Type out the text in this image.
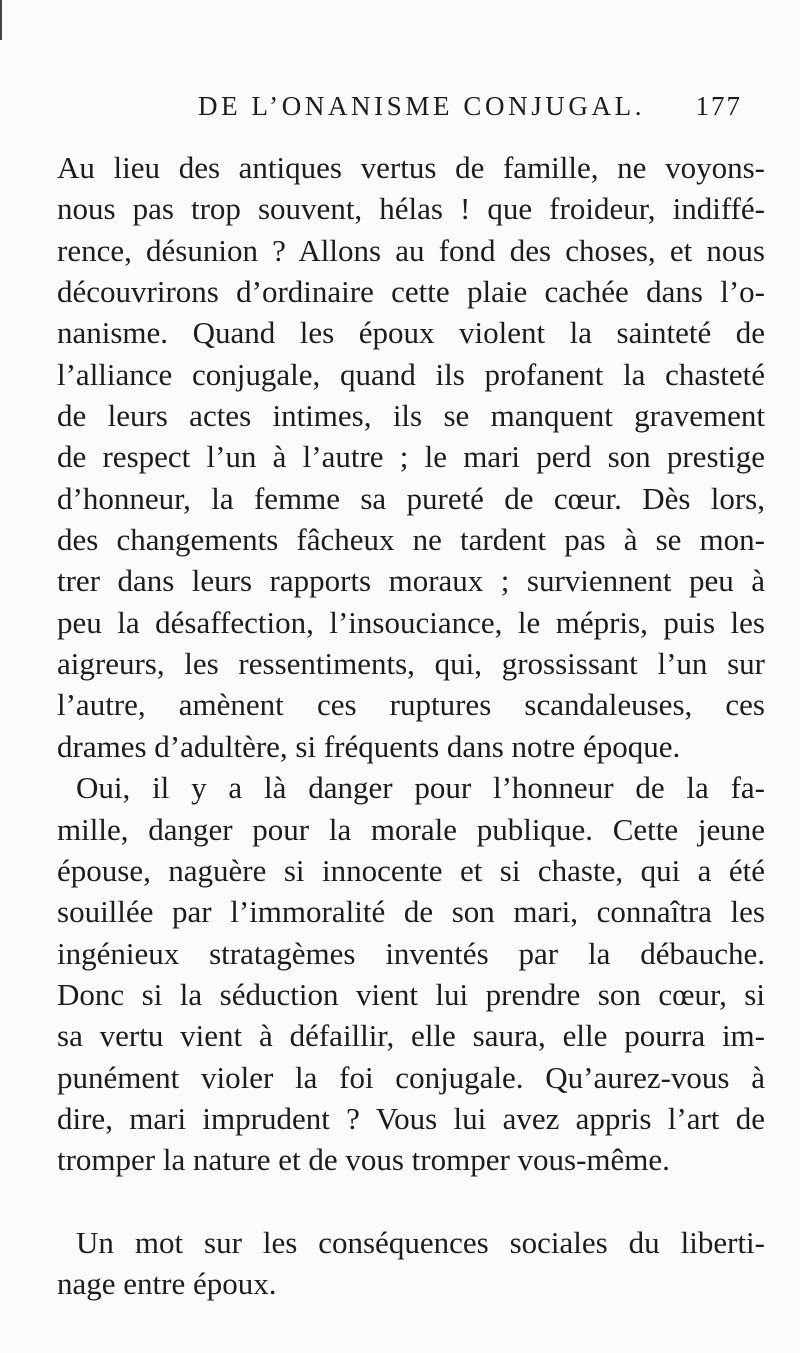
DE L’ONANISME CONJUGAL. 177
Au lieu des antiques vertus de famille, ne voyons-
nous pas trop souvent, hélas ! que froideur, indiffé-
rence, désunion ? Allons au fond des choses, et nous
découvrirons d’ordinaire cette plaie cachée dans l’o-
nanisme. Quand les époux violent la sainteté de
l’alliance conjugale, quand ils profanent la chasteté
de leurs actes intimes, ils se manquent gravement
de respect l’un à l’autre ; le mari perd son prestige
d’honneur, la femme sa pureté de cœur. Dès lors,
des changements fâcheux ne tardent pas à se mon-
trer dans leurs rapports moraux ; surviennent peu à
peu la désaffection, l’insouciance, le mépris, puis les
aigreurs, les ressentiments, qui, grossissant l’un sur
l’autre, amènent ces ruptures scandaleuses, ces
drames d’adultère, si fréquents dans notre époque.
Oui, il y a là danger pour l’honneur de la fa-
mille, danger pour la morale publique. Cette jeune
épouse, naguère si innocente et si chaste, qui a été
souillée par l’immoralité de son mari, connaîtra les
ingénieux stratagèmes inventés par la débauche.
Donc si la séduction vient lui prendre son cœur, si
sa vertu vient à défaillir, elle saura, elle pourra im-
punément violer la foi conjugale. Qu’aurez-vous à
dire, mari imprudent ? Vous lui avez appris l’art de
tromper la nature et de vous tromper vous-même.
Un mot sur les conséquences sociales du liberti-
nage entre époux.
